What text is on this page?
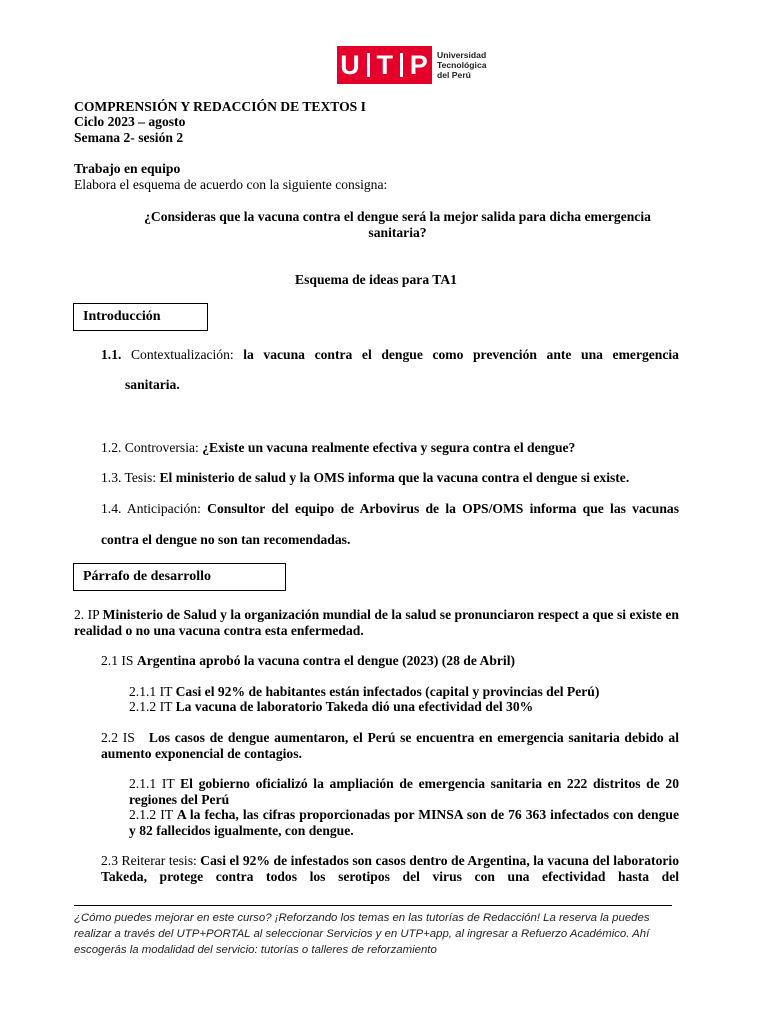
U T P Universidad
Tecnológica
del Perú
COMPRENSIÓN Y REDACCIÓN DE TEXTOS I
Ciclo 2023 – agosto
Semana 2- sesión 2
Trabajo en equipo
Elabora el esquema de acuerdo con la siguiente consigna:
¿Consideras que la vacuna contra el dengue será la mejor salida para dicha emergencia sanitaria?
Esquema de ideas para TA1
Introducción
1.1. Contextualización: la vacuna contra el dengue como prevención ante una emergencia
sanitaria.
1.2. Controversia: ¿Existe un vacuna realmente efectiva y segura contra el dengue?
1.3. Tesis: El ministerio de salud y la OMS informa que la vacuna contra el dengue si existe.
1.4. Anticipación: Consultor del equipo de Arbovirus de la OPS/OMS informa que las vacunas
contra el dengue no son tan recomendadas.
Párrafo de desarrollo
2. IP Ministerio de Salud y la organización mundial de la salud se pronunciaron respect a que si existe en realidad o no una vacuna contra esta enfermedad.
2.1 IS Argentina aprobó la vacuna contra el dengue (2023) (28 de Abril)
2.1.1 IT Casi el 92% de habitantes están infectados (capital y provincias del Perú)
2.1.2 IT La vacuna de laboratorio Takeda dió una efectividad del 30%
2.2 IS Los casos de dengue aumentaron, el Perú se encuentra en emergencia sanitaria debido al aumento exponencial de contagios.
2.1.1 IT El gobierno oficializó la ampliación de emergencia sanitaria en 222 distritos de 20 regiones del Perú
2.1.2 IT A la fecha, las cifras proporcionadas por MINSA son de 76 363 infectados con dengue y 82 fallecidos igualmente, con dengue.
2.3 Reiterar tesis: Casi el 92% de infestados son casos dentro de Argentina, la vacuna del laboratorio Takeda, protege contra todos los serotipos del virus con una efectividad hasta del
¿Cómo puedes mejorar en este curso? ¡Reforzando los temas en las tutorías de Redacción! La reserva la puedes realizar a través del UTP+PORTAL al seleccionar Servicios y en UTP+app, al ingresar a Refuerzo Académico. Ahí escogerás la modalidad del servicio: tutorías o talleres de reforzamiento
